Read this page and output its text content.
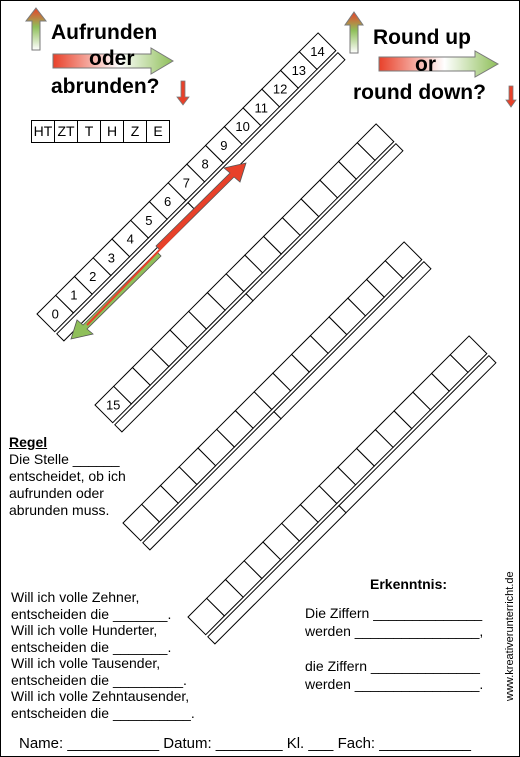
0
1
2
3
4
5
6
7
8
9
10
11
12
13
14
15
Aufrunden
oder
abrunden?
Round up
or
round down?
HT ZT T H Z	E
Regel
Die Stelle ______
entscheidet, ob ich
aufrunden oder
abrunden muss.
Will ich volle Zehner,
entscheiden die _______.
Will ich volle Hunderter,
entscheiden die _______.
Will ich volle Tausender,
entscheiden die _________.
Will ich volle Zehntausender,
entscheiden die __________.
Erkenntnis:
Die Ziffern ______________
werden ________________,
die Ziffern ______________
werden ________________.
Name: ___________ Datum: ________ Kl. ___ Fach: ___________
www.kreativerunterricht.de
